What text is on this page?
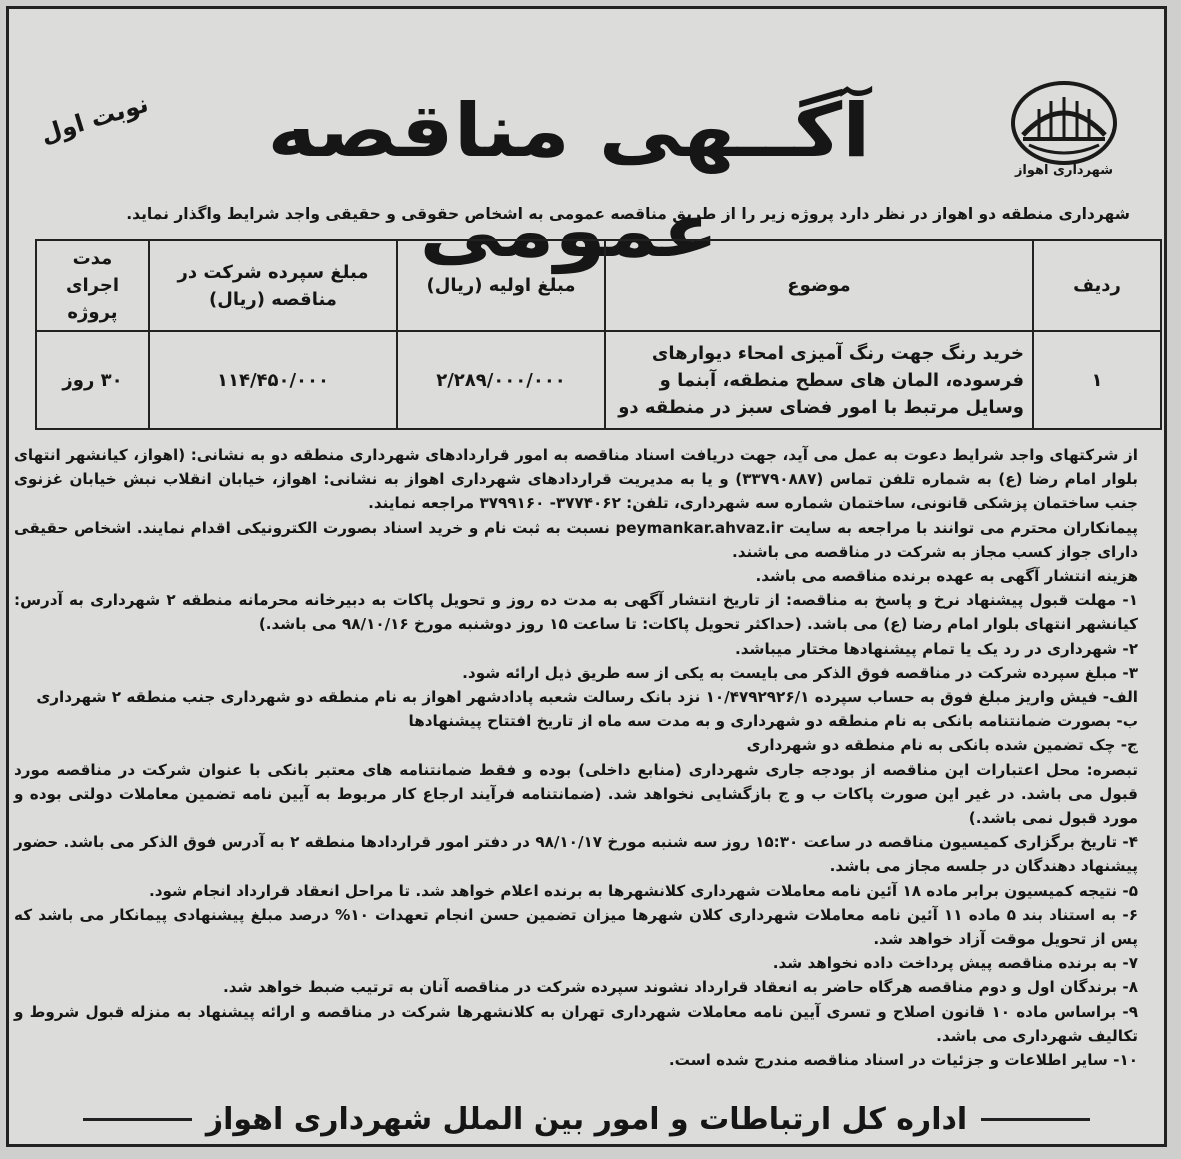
شهرداری اهواز
آگــهی مناقصه عمومی
نوبت اول
شهرداری منطقه دو اهواز در نظر دارد پروژه زیر را از طریق مناقصه عمومی به اشخاص حقوقی و حقیقی واجد شرایط واگذار نماید.
ردیف	موضوع	مبلغ اولیه (ریال)	مبلغ سپرده شرکت در مناقصه (ریال)	مدت اجرای پروژه
۱	خرید رنگ جهت رنگ آمیزی امحاء دیوارهای فرسوده، المان های سطح منطقه، آبنما و وسایل مرتبط با امور فضای سبز در منطقه دو	۲/۲۸۹/۰۰۰/۰۰۰	۱۱۴/۴۵۰/۰۰۰	۳۰ روز

از شرکتهای واجد شرایط دعوت به عمل می آید، جهت دریافت اسناد مناقصه به امور قراردادهای شهرداری منطقه دو به نشانی: (اهواز، کیانشهر انتهای بلوار امام رضا (ع) به شماره تلفن تماس (۳۳۷۹۰۸۸۷) و یا به مدیریت قراردادهای شهرداری اهواز به نشانی: اهواز، خیابان انقلاب نبش خیابان غزنوی جنب ساختمان پزشکی قانونی، ساختمان شماره سه شهرداری، تلفن: ۳۷۷۴۰۶۲- ۳۷۹۹۱۶۰ مراجعه نمایند.

پیمانکاران محترم می توانند با مراجعه به سایت peymankar.ahvaz.ir نسبت به ثبت نام و خرید اسناد بصورت الکترونیکی اقدام نمایند. اشخاص حقیقی دارای جواز کسب مجاز به شرکت در مناقصه می باشند.

هزینه انتشار آگهی به عهده برنده مناقصه می باشد.

۱- مهلت قبول پیشنهاد نرخ و پاسخ به مناقصه: از تاریخ انتشار آگهی به مدت ده روز و تحویل پاکات به دبیرخانه محرمانه منطقه ۲ شهرداری به آدرس: کیانشهر انتهای بلوار امام رضا (ع) می باشد. (حداکثر تحویل پاکات: تا ساعت ۱۵ روز دوشنبه مورخ ۹۸/۱۰/۱۶ می باشد.)

۲- شهرداری در رد یک یا تمام پیشنهادها مختار میباشد.

۳- مبلغ سپرده شرکت در مناقصه فوق الذکر می بایست به یکی از سه طریق ذیل ارائه شود.

الف- فیش واریز مبلغ فوق به حساب سپرده ۱۰/۴۷۹۲۹۲۶/۱ نزد بانک رسالت شعبه پادادشهر اهواز به نام منطقه دو شهرداری جنب منطقه ۲ شهرداری

ب- بصورت ضمانتنامه بانکی به نام منطقه دو شهرداری و به مدت سه ماه از تاریخ افتتاح پیشنهادها

ج- چک تضمین شده بانکی به نام منطقه دو شهرداری

تبصره: محل اعتبارات این مناقصه از بودجه جاری شهرداری (منابع داخلی) بوده و فقط ضمانتنامه های معتبر بانکی با عنوان شرکت در مناقصه مورد قبول می باشد. در غیر این صورت پاکات ب و ج بازگشایی نخواهد شد. (ضمانتنامه فرآیند ارجاع کار مربوط به آیین نامه تضمین معاملات دولتی بوده و مورد قبول نمی باشد.)

۴- تاریخ برگزاری کمیسیون مناقصه در ساعت ۱۵:۳۰ روز سه شنبه مورخ ۹۸/۱۰/۱۷ در دفتر امور قراردادها منطقه ۲ به آدرس فوق الذکر می باشد. حضور پیشنهاد دهندگان در جلسه مجاز می باشد.

۵- نتیجه کمیسیون برابر ماده ۱۸ آئین نامه معاملات شهرداری کلانشهرها به برنده اعلام خواهد شد. تا مراحل انعقاد قرارداد انجام شود.

۶- به استناد بند ۵ ماده ۱۱ آئین نامه معاملات شهرداری کلان شهرها میزان تضمین حسن انجام تعهدات ۱۰% درصد مبلغ پیشنهادی پیمانکار می باشد که پس از تحویل موقت آزاد خواهد شد.

۷- به برنده مناقصه پیش پرداخت داده نخواهد شد.

۸- برندگان اول و دوم مناقصه هرگاه حاضر به انعقاد قرارداد نشوند سپرده شرکت در مناقصه آنان به ترتیب ضبط خواهد شد.

۹- براساس ماده ۱۰ قانون اصلاح و تسری آیین نامه معاملات شهرداری تهران به کلانشهرها شرکت در مناقصه و ارائه پیشنهاد به منزله قبول شروط و تکالیف شهرداری می باشد.

۱۰- سایر اطلاعات و جزئیات در اسناد مناقصه مندرج شده است.

اداره کل ارتباطات و امور بین الملل شهرداری اهواز
